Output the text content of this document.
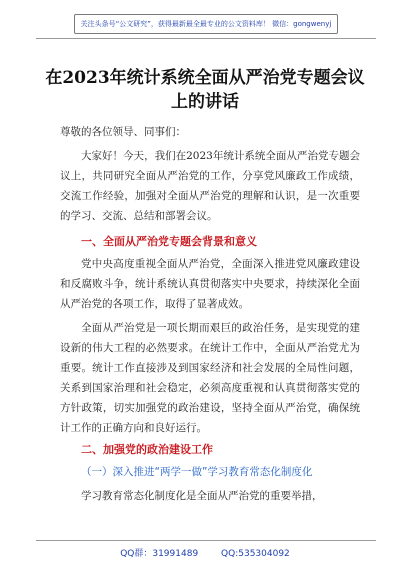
关注头条号“公文研究”，获得最新最全最专业的公文资料库！ 微信：gongwenyj
在2023年统计系统全面从严治党专题会议上的讲话
尊敬的各位领导、同事们：
大家好！今天，我们在2023年统计系统全面从严治党专题会议上，共同研究全面从严治党的工作，分享党风廉政工作成绩，交流工作经验，加强对全面从严治党的理解和认识，是一次重要的学习、交流、总结和部署会议。
一、全面从严治党专题会背景和意义
党中央高度重视全面从严治党，全面深入推进党风廉政建设和反腐败斗争，统计系统认真贯彻落实中央要求，持续深化全面从严治党的各项工作，取得了显著成效。
全面从严治党是一项长期而艰巨的政治任务，是实现党的建设新的伟大工程的必然要求。在统计工作中，全面从严治党尤为重要。统计工作直接涉及到国家经济和社会发展的全局性问题，关系到国家治理和社会稳定，必须高度重视和认真贯彻落实党的方针政策，切实加强党的政治建设，坚持全面从严治党，确保统计工作的正确方向和良好运行。
二、加强党的政治建设工作
（一）深入推进“两学一做”学习教育常态化制度化
学习教育常态化制度化是全面从严治党的重要举措，
QQ群：31991489	QQ:535304092
